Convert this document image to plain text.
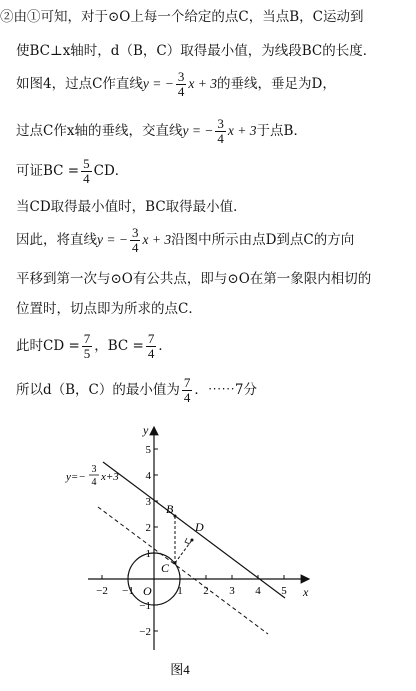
②由①可知，对于⊙O上每一个给定的点C，当点B，C运动到
使BC⊥x轴时，d（B，C）取得最小值，为线段BC的长度．
如图4，过点C作直线y = − $\frac{3}{4}$ x + 3的垂线，垂足为D，
过点C作x轴的垂线，交直线y = − $\frac{3}{4}$ x + 3于点B．
可证BC = $\frac{5}{4}$ CD．
当CD取得最小值时，BC取得最小值．
因此，将直线y = − $\frac{3}{4}$ x + 3沿图中所示由点D到点C的方向
平移到第一次与⊙O有公共点，即与⊙O在第一象限内相切的
位置时，切点即为所求的点C．
此时CD = $\frac{7}{5}$ ，BC = $\frac{7}{4}$ ．
所以d（B，C）的最小值为 $\frac{7}{4}$ ．⋯⋯7分
x
y
O
−2 −1	1 2 3 4 5
5
4
3
2
1
−1
−2
B
C
D
y=−
3
4 x+3
图4
